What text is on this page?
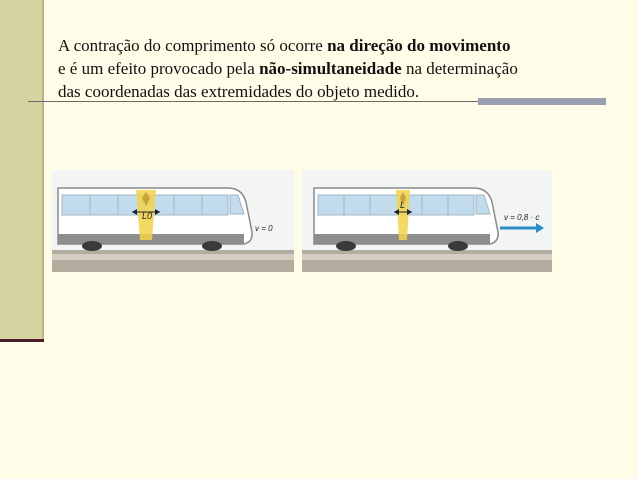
A contração do comprimento só ocorre na direção do movimento
e é um efeito provocado pela não-simultaneidade na determinação
das coordenadas das extremidades do objeto medido.
L0
v = 0
L
v = 0,8 · c
